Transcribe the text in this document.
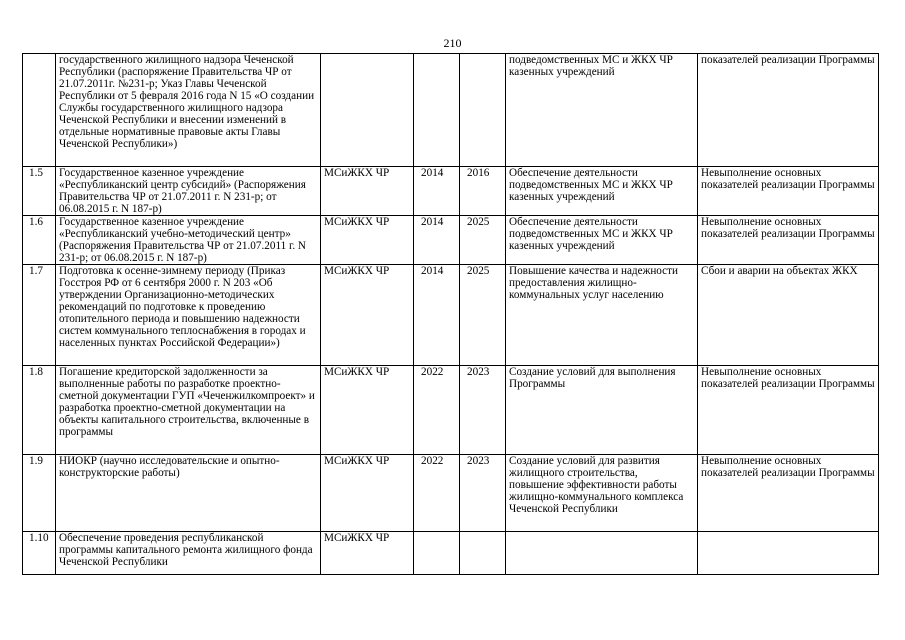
210
	государственного жилищного надзора Чеченской Республики (распоряжение Правительства ЧР от 21.07.2011г. №231-р; Указ Главы Чеченской Республики от 5 февраля 2016 года N 15 «О создании Службы государственного жилищного надзора Чеченской Республики и внесении изменений в отдельные нормативные правовые акты Главы Чеченской Республики»)				подведомственных МС и ЖКХ ЧР казенных учреждений	показателей реализации Программы
1.5	Государственное казенное учреждение «Республиканский центр субсидий» (Распоряжения Правительства ЧР от 21.07.2011 г. N 231-р; от 06.08.2015 г. N 187-р)	МСиЖКХ ЧР	2014	2016	Обеспечение деятельности подведомственных МС и ЖКХ ЧР казенных учреждений	Невыполнение основных показателей реализации Программы
1.6	Государственное казенное учреждение «Республиканский учебно-методический центр» (Распоряжения Правительства ЧР от 21.07.2011 г. N 231-р; от 06.08.2015 г. N 187-р)	МСиЖКХ ЧР	2014	2025	Обеспечение деятельности подведомственных МС и ЖКХ ЧР казенных учреждений	Невыполнение основных показателей реализации Программы
1.7	Подготовка к осенне-зимнему периоду (Приказ Госстроя РФ от 6 сентября 2000 г. N 203 «Об утверждении Организационно-методических рекомендаций по подготовке к проведению отопительного периода и повышению надежности систем коммунального теплоснабжения в городах и населенных пунктах Российской Федерации»)	МСиЖКХ ЧР	2014	2025	Повышение качества и надежности предоставления жилищно-коммунальных услуг населению	Сбои и аварии на объектах ЖКХ
1.8	Погашение кредиторской задолженности за выполненные работы по разработке проектно-сметной документации ГУП «Чеченжилкомпроект» и разработка проектно-сметной документации на объекты капитального строительства, включенные в программы	МСиЖКХ ЧР	2022	2023	Создание условий для выполнения Программы	Невыполнение основных показателей реализации Программы
1.9	НИОКР (научно исследовательские и опытно-конструкторские работы)	МСиЖКХ ЧР	2022	2023	Создание условий для развития жилищного строительства, повышение эффективности работы жилищно-коммунального комплекса Чеченской Республики	Невыполнение основных показателей реализации Программы
1.10	Обеспечение проведения республиканской программы капитального ремонта жилищного фонда Чеченской Республики	МСиЖКХ ЧР				
